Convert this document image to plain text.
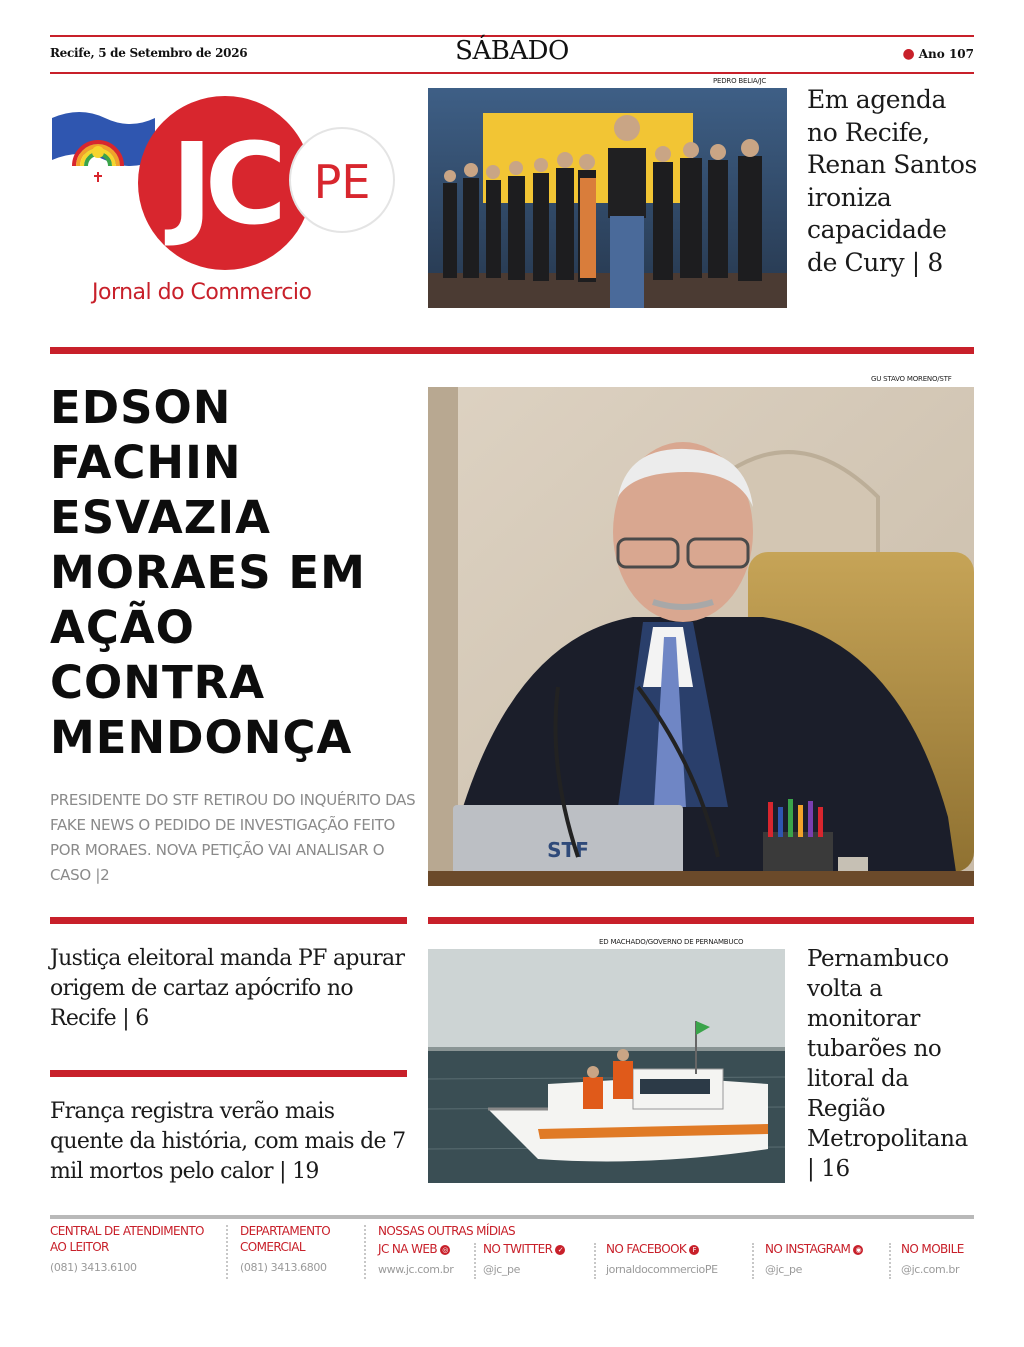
Recife, 5 de Setembro de 2026	SÁBADO	● Ano 107
JC PE
Jornal do Commercio
PEDRO BELIA/JC
Em agenda no Recife, Renan Santos ironiza capacidade de Cury | 8
GU STAVO MORENO/STF
EDSON FACHIN ESVAZIA MORAES EM AÇÃO CONTRA MENDONÇA
PRESIDENTE DO STF RETIROU DO INQUÉRITO DAS FAKE NEWS O PEDIDO DE INVESTIGAÇÃO FEITO POR MORAES. NOVA PETIÇÃO VAI ANALISAR O CASO |2
STF
Justiça eleitoral manda PF apurar origem de cartaz apócrifo no Recife | 6
França registra verão mais quente da história, com mais de 7 mil mortos pelo calor | 19
ED MACHADO/GOVERNO DE PERNAMBUCO
Pernambuco volta a monitorar tubarões no litoral da Região Metropolitana | 16
CENTRAL DE ATENDIMENTO AO LEITOR
(081) 3413.6100
DEPARTAMENTO COMERCIAL
(081) 3413.6800
NOSSAS OUTRAS MÍDIAS
JC NA WEB ◎
www.jc.com.br
NO TWITTER ✓
@jc_pe
NO FACEBOOK F
jornaldocommercioPE
NO INSTAGRAM ◉
@jc_pe
NO MOBILE
@jc.com.br
